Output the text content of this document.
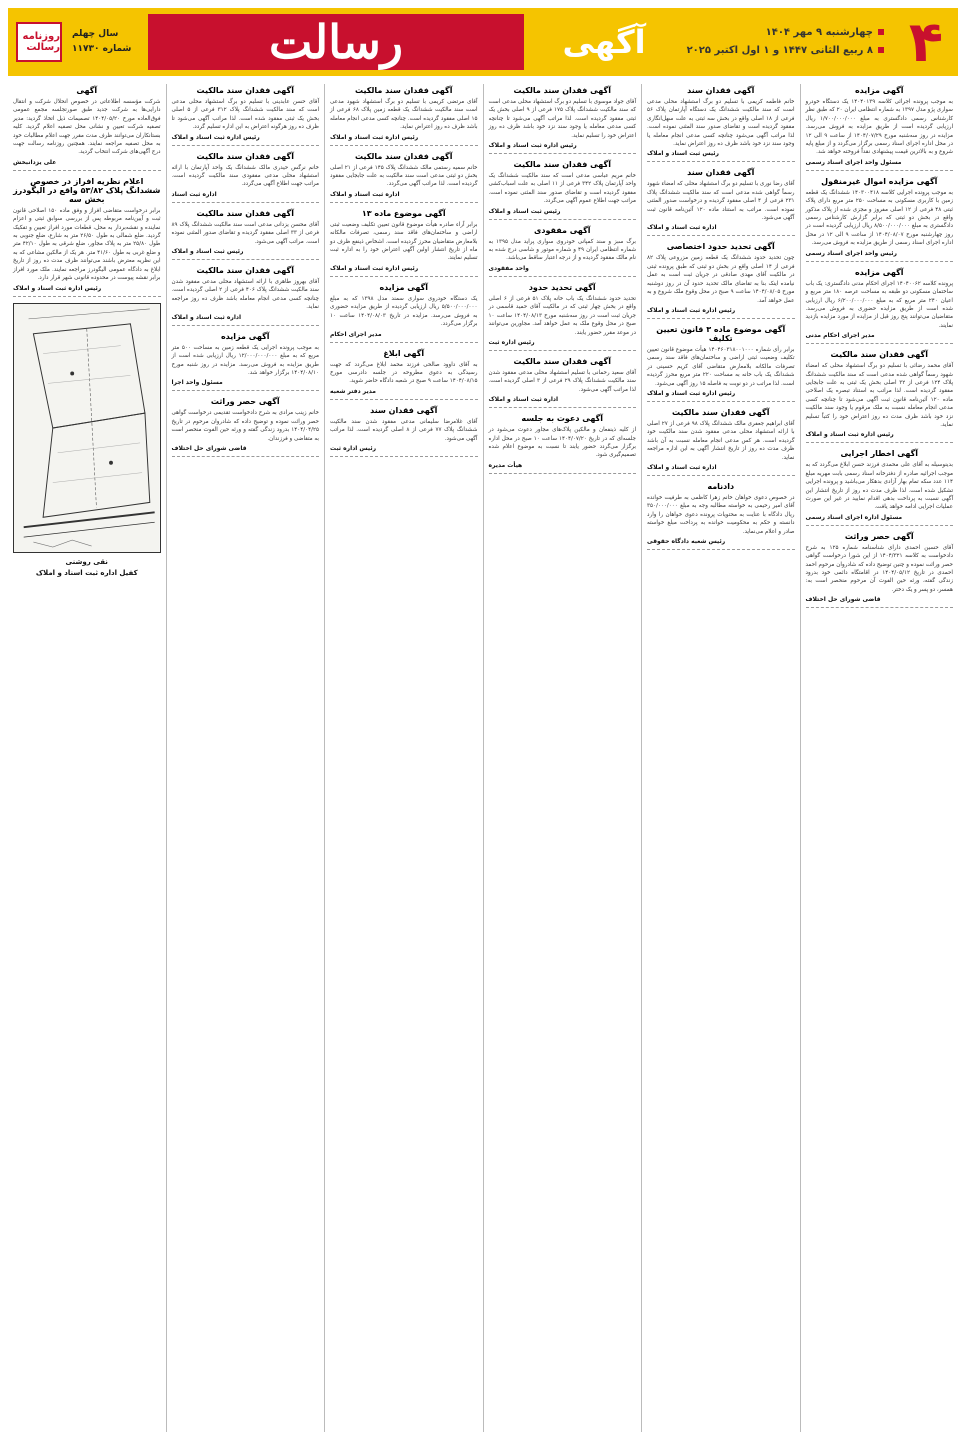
۴
چهارشنبه ۹ مهر ۱۴۰۴
۸ ربیع الثانی ۱۴۴۷ و ۱ اول اکتبر ۲۰۲۵
آگهی
رسالت
سال چهلم
شماره ۱۱۷۳۰
روزنامه رسالت
آگهی مزایده

به موجب پرونده اجرائی کلاسه ۱۴۰۴۰۱۳۹ یک دستگاه خودرو سواری پژو مدل ۱۳۹۷ به شماره انتظامی ایران ۲۰ که طبق نظر کارشناس رسمی دادگستری به مبلغ ۱/۷۰۰/۰۰۰/۰۰۰ ریال ارزیابی گردیده است از طریق مزایده به فروش می‌رسد. مزایده در روز سه‌شنبه مورخ ۱۴۰۴/۰۷/۲۹ از ساعت ۹ الی ۱۲ در محل اداره اجرای اسناد رسمی برگزار می‌گردد و از مبلغ پایه شروع و به بالاترین قیمت پیشنهادی نقداً فروخته خواهد شد.

مسئول واحد اجرای اسناد رسمی
آگهی مزایده اموال غیرمنقول

به موجب پرونده اجرایی کلاسه ۱۴۰۳۰۰۴۱۸ ششدانگ یک قطعه زمین با کاربری مسکونی به مساحت ۲۵۰ متر مربع دارای پلاک ثبتی ۴۸ فرعی از ۱۲ اصلی مفروز و مجزی شده از پلاک مذکور واقع در بخش دو ثبتی که برابر گزارش کارشناس رسمی دادگستری به مبلغ ۸/۵۰۰/۰۰۰/۰۰۰ ریال ارزیابی گردیده است در روز چهارشنبه مورخ ۱۴۰۴/۰۸/۰۷ از ساعت ۹ الی ۱۲ در محل اداره اجرای اسناد رسمی از طریق مزایده به فروش می‌رسد.

رئیس واحد اجرای اسناد رسمی
آگهی مزایده

پرونده کلاسه ۱۴۰۴۰۰۶۲ اجرای احکام مدنی دادگستری: یک باب ساختمان مسکونی دو طبقه به مساحت عرصه ۱۸۰ متر مربع و اعیان ۲۴۰ متر مربع که به مبلغ ۶/۲۰۰/۰۰۰/۰۰۰ ریال ارزیابی شده است از طریق مزایده حضوری به فروش می‌رسد. متقاضیان می‌توانند پنج روز قبل از مزایده از مورد مزایده بازدید نمایند.

مدیر اجرای احکام مدنی
آگهی فقدان سند مالکیت

آقای محمد رضائی با تسلیم دو برگ استشهاد محلی که امضاء شهود رسماً گواهی شده مدعی است که سند مالکیت ششدانگ پلاک ۱۲۴ فرعی از ۳۲ اصلی بخش یک ثبتی به علت جابجایی مفقود گردیده است. لذا مراتب به استناد تبصره یک اصلاحی ماده ۱۲۰ آئین‌نامه قانون ثبت آگهی می‌شود تا چنانچه کسی مدعی انجام معامله نسبت به ملک مرقوم یا وجود سند مالکیت نزد خود باشد ظرف مدت ده روز اعتراض خود را کتباً تسلیم نماید.

رئیس اداره ثبت اسناد و املاک
آگهی اخطار اجرایی

بدینوسیله به آقای علی محمدی فرزند حسن ابلاغ می‌گردد که به موجب اجرائیه صادره از دفترخانه اسناد رسمی بابت مهریه مبلغ ۱۱۴ عدد سکه تمام بهار آزادی بدهکار می‌باشید و پرونده اجرایی تشکیل شده است. لذا ظرف مدت ده روز از تاریخ انتشار این آگهی نسبت به پرداخت بدهی اقدام نمایید در غیر این صورت عملیات اجرایی ادامه خواهد یافت.

مسئول اداره اجرای اسناد رسمی
آگهی حصر وراثت

آقای حسین احمدی دارای شناسنامه شماره ۱۲۵ به شرح دادخواست به کلاسه ۱۴۰۴/۳۲۱ از این شورا درخواست گواهی حصر وراثت نموده و چنین توضیح داده که شادروان مرحوم احمد احمدی در تاریخ ۱۴۰۴/۰۵/۱۲ در اقامتگاه دائمی خود بدرود زندگی گفته، ورثه حین الفوت آن مرحوم منحصر است به: همسر، دو پسر و یک دختر.

قاضی شورای حل اختلاف
آگهی فقدان سند

خانم فاطمه کریمی با تسلیم دو برگ استشهاد محلی مدعی است که سند مالکیت ششدانگ یک دستگاه آپارتمان پلاک ۵۶ فرعی از ۱۸ اصلی واقع در بخش سه ثبتی به علت سهل‌انگاری مفقود گردیده است و تقاضای صدور سند المثنی نموده است. لذا مراتب آگهی می‌شود چنانچه کسی مدعی انجام معامله یا وجود سند نزد خود باشد ظرف ده روز اعتراض نماید.

رئیس ثبت اسناد و املاک
آگهی فقدان سند

آقای رضا نوری با تسلیم دو برگ استشهاد محلی که امضاء شهود رسماً گواهی شده مدعی است که سند مالکیت ششدانگ پلاک ۲۳۱ فرعی از ۴ اصلی مفقود گردیده و درخواست صدور المثنی نموده است. مراتب به استناد ماده ۱۲۰ آئین‌نامه قانون ثبت آگهی می‌شود.

اداره ثبت اسناد و املاک
آگهی تحدید حدود اختصاصی

چون تحدید حدود ششدانگ یک قطعه زمین مزروعی پلاک ۸۲ فرعی از ۱۴ اصلی واقع در بخش دو ثبتی که طبق پرونده ثبتی در مالکیت آقای مهدی صادقی در جریان ثبت است به عمل نیامده اینک بنا به تقاضای مالک تحدید حدود آن در روز دوشنبه مورخ ۱۴۰۴/۰۸/۰۵ ساعت ۹ صبح در محل وقوع ملک شروع و به عمل خواهد آمد.

رئیس اداره ثبت اسناد و املاک
آگهی موضوع ماده ۳ قانون تعیین تکلیف

برابر رأی شماره ۱۴۰۴۶۰۳۱۸۰۰۱۰۰۰ هیأت موضوع قانون تعیین تکلیف وضعیت ثبتی اراضی و ساختمان‌های فاقد سند رسمی تصرفات مالکانه بلامعارض متقاضی آقای کریم حسینی در ششدانگ یک باب خانه به مساحت ۲۲۰ متر مربع محرز گردیده است. لذا مراتب در دو نوبت به فاصله ۱۵ روز آگهی می‌شود.

رئیس اداره ثبت اسناد و املاک
آگهی فقدان سند مالکیت

آقای ابراهیم جعفری مالک ششدانگ پلاک ۹۸ فرعی از ۲۷ اصلی با ارائه استشهاد محلی مدعی مفقود شدن سند مالکیت خود گردیده است. هر کس مدعی انجام معامله نسبت به آن باشد ظرف مدت ده روز از تاریخ انتشار آگهی به این اداره مراجعه نماید.

اداره ثبت اسناد و املاک
دادنامه

در خصوص دعوی خواهان خانم زهرا کاظمی به طرفیت خوانده آقای امیر رحیمی به خواسته مطالبه وجه به مبلغ ۳۵۰/۰۰۰/۰۰۰ ریال دادگاه با عنایت به محتویات پرونده دعوی خواهان را وارد دانسته و حکم به محکومیت خوانده به پرداخت مبلغ خواسته صادر و اعلام می‌نماید.

رئیس شعبه دادگاه حقوقی
آگهی فقدان سند مالکیت

آقای جواد موسوی با تسلیم دو برگ استشهاد محلی مدعی است که سند مالکیت ششدانگ پلاک ۱۷۵ فرعی از ۹ اصلی بخش یک ثبتی مفقود گردیده است. لذا مراتب آگهی می‌شود تا چنانچه کسی مدعی معامله یا وجود سند نزد خود باشد ظرف ده روز اعتراض خود را تسلیم نماید.

رئیس اداره ثبت اسناد و املاک
آگهی فقدان سند مالکیت

خانم مریم عباسی مدعی است که سند مالکیت ششدانگ یک واحد آپارتمان پلاک ۳۴۲ فرعی از ۱۱ اصلی به علت اسباب‌کشی مفقود گردیده است و تقاضای صدور سند المثنی نموده است. مراتب جهت اطلاع عموم آگهی می‌گردد.

رئیس ثبت اسناد و املاک
آگهی مفقودی

برگ سبز و سند کمپانی خودروی سواری پراید مدل ۱۳۹۵ به شماره انتظامی ایران ۴۹ و شماره موتور و شاسی درج شده به نام مالک مفقود گردیده و از درجه اعتبار ساقط می‌باشد.

واحد مفقودی
آگهی تحدید حدود

تحدید حدود ششدانگ یک باب خانه پلاک ۵۱ فرعی از ۶ اصلی واقع در بخش چهار ثبتی که در مالکیت آقای حمید قاسمی در جریان ثبت است در روز سه‌شنبه مورخ ۱۴۰۴/۰۸/۱۳ ساعت ۱۰ صبح در محل وقوع ملک به عمل خواهد آمد. مجاورین می‌توانند در موعد مقرر حضور یابند.

رئیس اداره ثبت
آگهی فقدان سند مالکیت

آقای سعید رحمانی با تسلیم استشهاد محلی مدعی مفقود شدن سند مالکیت ششدانگ پلاک ۲۹ فرعی از ۳ اصلی گردیده است. لذا مراتب آگهی می‌شود.

اداره ثبت اسناد و املاک
آگهی دعوت به جلسه

از کلیه ذینفعان و مالکین پلاک‌های مجاور دعوت می‌شود در جلسه‌ای که در تاریخ ۱۴۰۴/۰۷/۲۰ ساعت ۱۰ صبح در محل اداره برگزار می‌گردد حضور یابند تا نسبت به موضوع اعلام شده تصمیم‌گیری شود.

هیأت مدیره
آگهی فقدان سند مالکیت

آقای مرتضی کریمی با تسلیم دو برگ استشهاد شهود مدعی است سند مالکیت ششدانگ یک قطعه زمین پلاک ۶۸ فرعی از ۱۵ اصلی مفقود گردیده است. چنانچه کسی مدعی انجام معامله باشد ظرف ده روز اعتراض نماید.

رئیس اداره ثبت اسناد و املاک
آگهی فقدان سند مالکیت

خانم سمیه رستمی مالک ششدانگ پلاک ۱۴۵ فرعی از ۲۱ اصلی بخش دو ثبتی مدعی است سند مالکیت به علت جابجایی مفقود گردیده است. لذا مراتب آگهی می‌گردد.

اداره ثبت اسناد و املاک
آگهی موضوع ماده ۱۳

برابر آراء صادره هیأت موضوع قانون تعیین تکلیف وضعیت ثبتی اراضی و ساختمان‌های فاقد سند رسمی، تصرفات مالکانه بلامعارض متقاضیان محرز گردیده است. اشخاص ذینفع ظرف دو ماه از تاریخ انتشار اولین آگهی اعتراض خود را به اداره ثبت تسلیم نمایند.

رئیس اداره ثبت اسناد و املاک
آگهی مزایده

یک دستگاه خودروی سواری سمند مدل ۱۳۹۸ که به مبلغ ۵/۵۰۰/۰۰۰/۰۰۰ ریال ارزیابی گردیده از طریق مزایده حضوری به فروش می‌رسد. مزایده در تاریخ ۱۴۰۴/۰۸/۰۳ ساعت ۱۰ برگزار می‌گردد.

مدیر اجرای احکام
آگهی ابلاغ

به آقای داوود صالحی فرزند محمد ابلاغ می‌گردد که جهت رسیدگی به دعوی مطروحه در جلسه دادرسی مورخ ۱۴۰۴/۰۸/۱۵ ساعت ۹ صبح در شعبه دادگاه حاضر شوید.

مدیر دفتر شعبه
آگهی فقدان سند

آقای غلامرضا سلیمانی مدعی مفقود شدن سند مالکیت ششدانگ پلاک ۷۷ فرعی از ۸ اصلی گردیده است. لذا مراتب آگهی می‌شود.

رئیس اداره ثبت
آگهی فقدان سند مالکیت

آقای حسن عابدینی با تسلیم دو برگ استشهاد محلی مدعی است که سند مالکیت ششدانگ پلاک ۳۱۲ فرعی از ۵ اصلی بخش یک ثبتی مفقود شده است. لذا مراتب آگهی می‌شود تا ظرف ده روز هرگونه اعتراض به این اداره تسلیم گردد.

رئیس اداره ثبت اسناد و املاک
آگهی فقدان سند مالکیت

خانم نرگس حیدری مالک ششدانگ یک واحد آپارتمان با ارائه استشهاد محلی مدعی مفقودی سند مالکیت گردیده است. مراتب جهت اطلاع آگهی می‌گردد.

اداره ثبت اسناد
آگهی فقدان سند مالکیت

آقای محسن یزدانی مدعی است سند مالکیت ششدانگ پلاک ۸۹ فرعی از ۳۳ اصلی مفقود گردیده و تقاضای صدور المثنی نموده است. مراتب آگهی می‌شود.

رئیس ثبت اسناد و املاک
آگهی فقدان سند مالکیت

آقای بهروز طاهری با ارائه استشهاد محلی مدعی مفقود شدن سند مالکیت ششدانگ پلاک ۴۰۶ فرعی از ۲ اصلی گردیده است. چنانچه کسی مدعی انجام معامله باشد ظرف ده روز مراجعه نماید.

اداره ثبت اسناد و املاک
آگهی مزایده

به موجب پرونده اجرایی یک قطعه زمین به مساحت ۵۰۰ متر مربع که به مبلغ ۱۲/۰۰۰/۰۰۰/۰۰۰ ریال ارزیابی شده است از طریق مزایده به فروش می‌رسد. مزایده در روز شنبه مورخ ۱۴۰۴/۰۸/۱۰ برگزار خواهد شد.

مسئول واحد اجرا
آگهی حصر وراثت

خانم زینب مرادی به شرح دادخواست تقدیمی درخواست گواهی حصر وراثت نموده و توضیح داده که شادروان مرحوم در تاریخ ۱۴۰۴/۰۴/۲۵ بدرود زندگی گفته و ورثه حین الفوت منحصر است به متقاضی و فرزندان.

قاضی شورای حل اختلاف
آگهی

شرکت مؤسسه اطلاعاتی در خصوص انحلال شرکت و انتقال دارایی‌ها به شرکت جدید طبق صورتجلسه مجمع عمومی فوق‌العاده مورخ ۱۴۰۴/۰۵/۲۰ تصمیمات ذیل اتخاذ گردید: مدیر تصفیه شرکت تعیین و نشانی محل تصفیه اعلام گردید. کلیه بستانکاران می‌توانند ظرف مدت مقرر جهت اعلام مطالبات خود به محل تصفیه مراجعه نمایند. همچنین روزنامه رسالت جهت درج آگهی‌های شرکت انتخاب گردید.

علی یزدانبخش
اعلام نظریه افراز در خصوص ششدانگ پلاک ۵۳/۸۲ واقع در الیگودرز بخش سه

برابر درخواست متقاضی افراز و وفق ماده ۱۵۰ اصلاحی قانون ثبت و آیین‌نامه مربوطه پس از بررسی سوابق ثبتی و اعزام نماینده و نقشه‌بردار به محل، قطعات مورد افراز تعیین و تفکیک گردید. ضلع شمالی به طول ۲۶/۵۰ متر به شارع، ضلع جنوبی به طول ۲۵/۸۰ متر به پلاک مجاور، ضلع شرقی به طول ۴۲/۱۰ متر و ضلع غربی به طول ۴۱/۶۰ متر. هر یک از مالکین مشاعی که به این نظریه معترض باشند می‌توانند ظرف مدت ده روز از تاریخ ابلاغ به دادگاه عمومی الیگودرز مراجعه نمایند. ملک مورد افراز برابر نقشه پیوست در محدوده قانونی شهر قرار دارد.

رئیس اداره ثبت اسناد و املاک
نقی روشنی
کفیل اداره ثبت اسناد و املاک
